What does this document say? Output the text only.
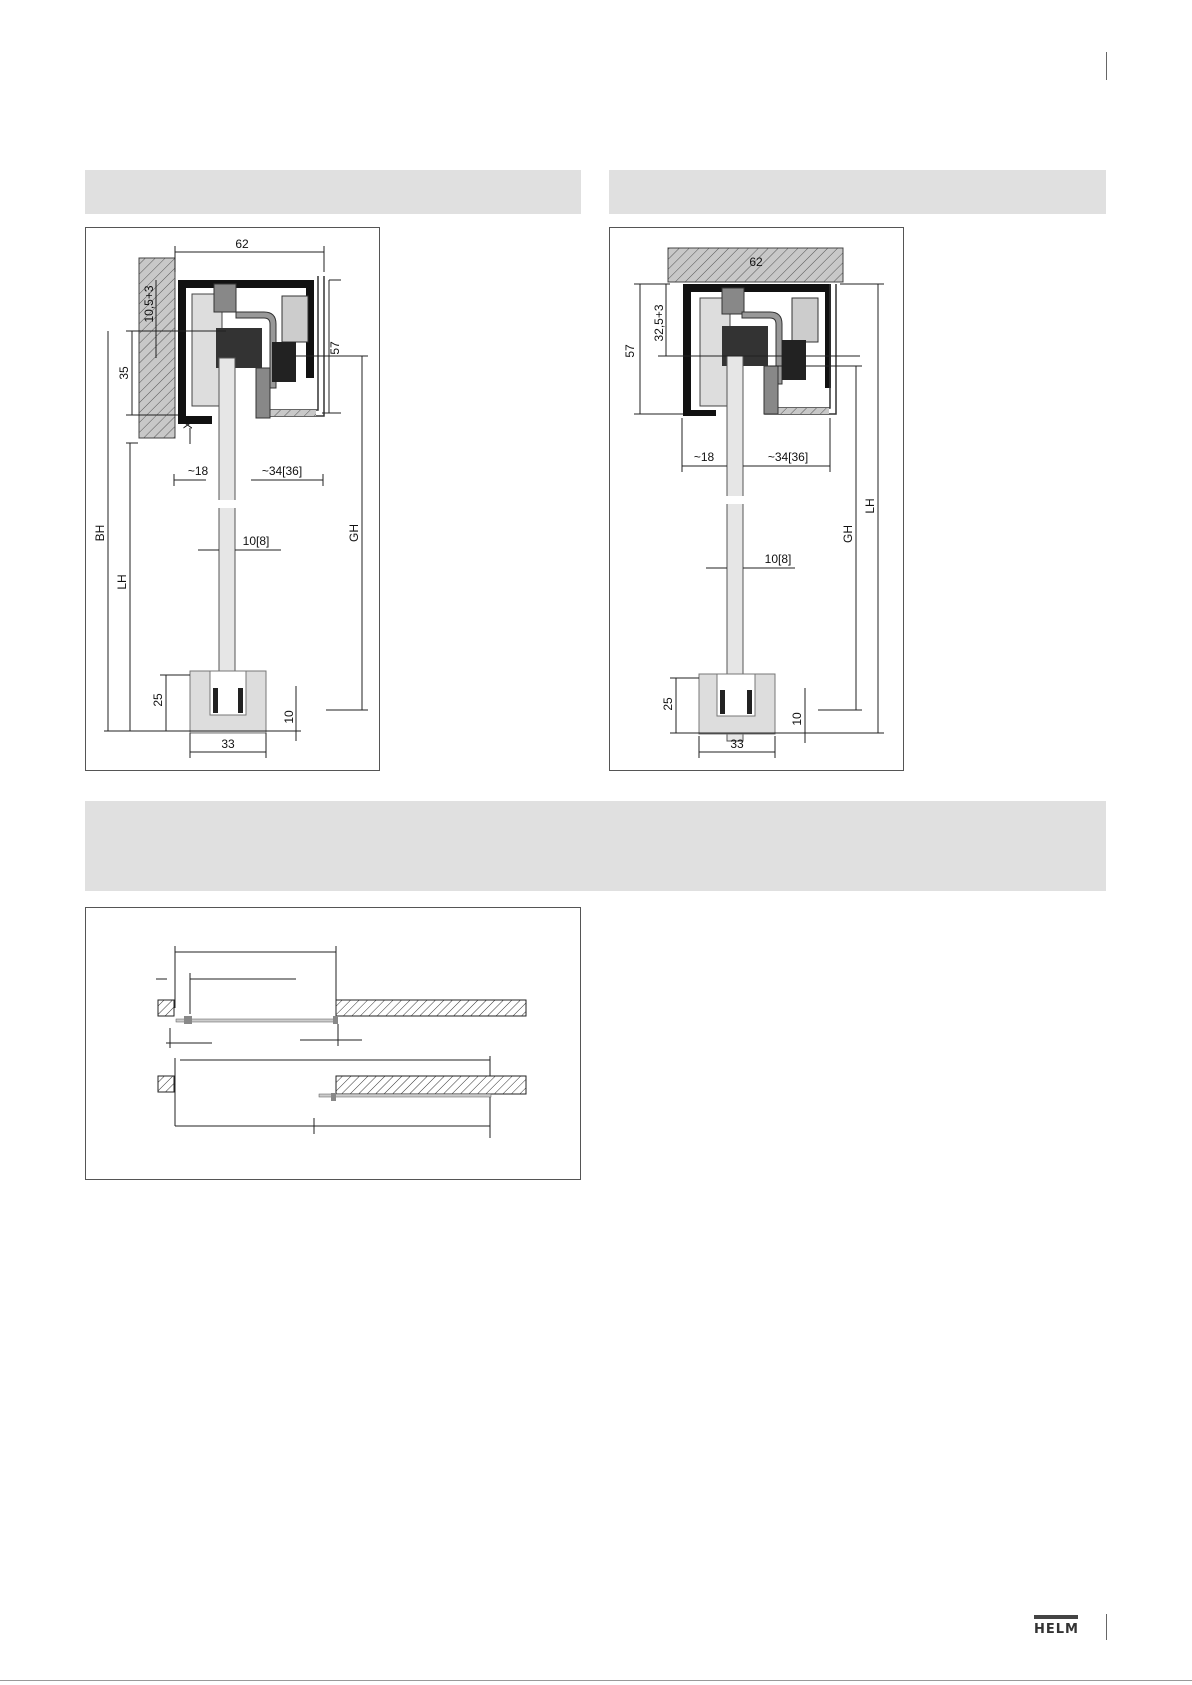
62
10,5+3
35
57
X
~18	~34[36]
10[8]
BH
LH
GH
25
10
33
62
57
32,5+3
~18	~34[36]
10[8]
LH
GH
25
10
33
HELM
